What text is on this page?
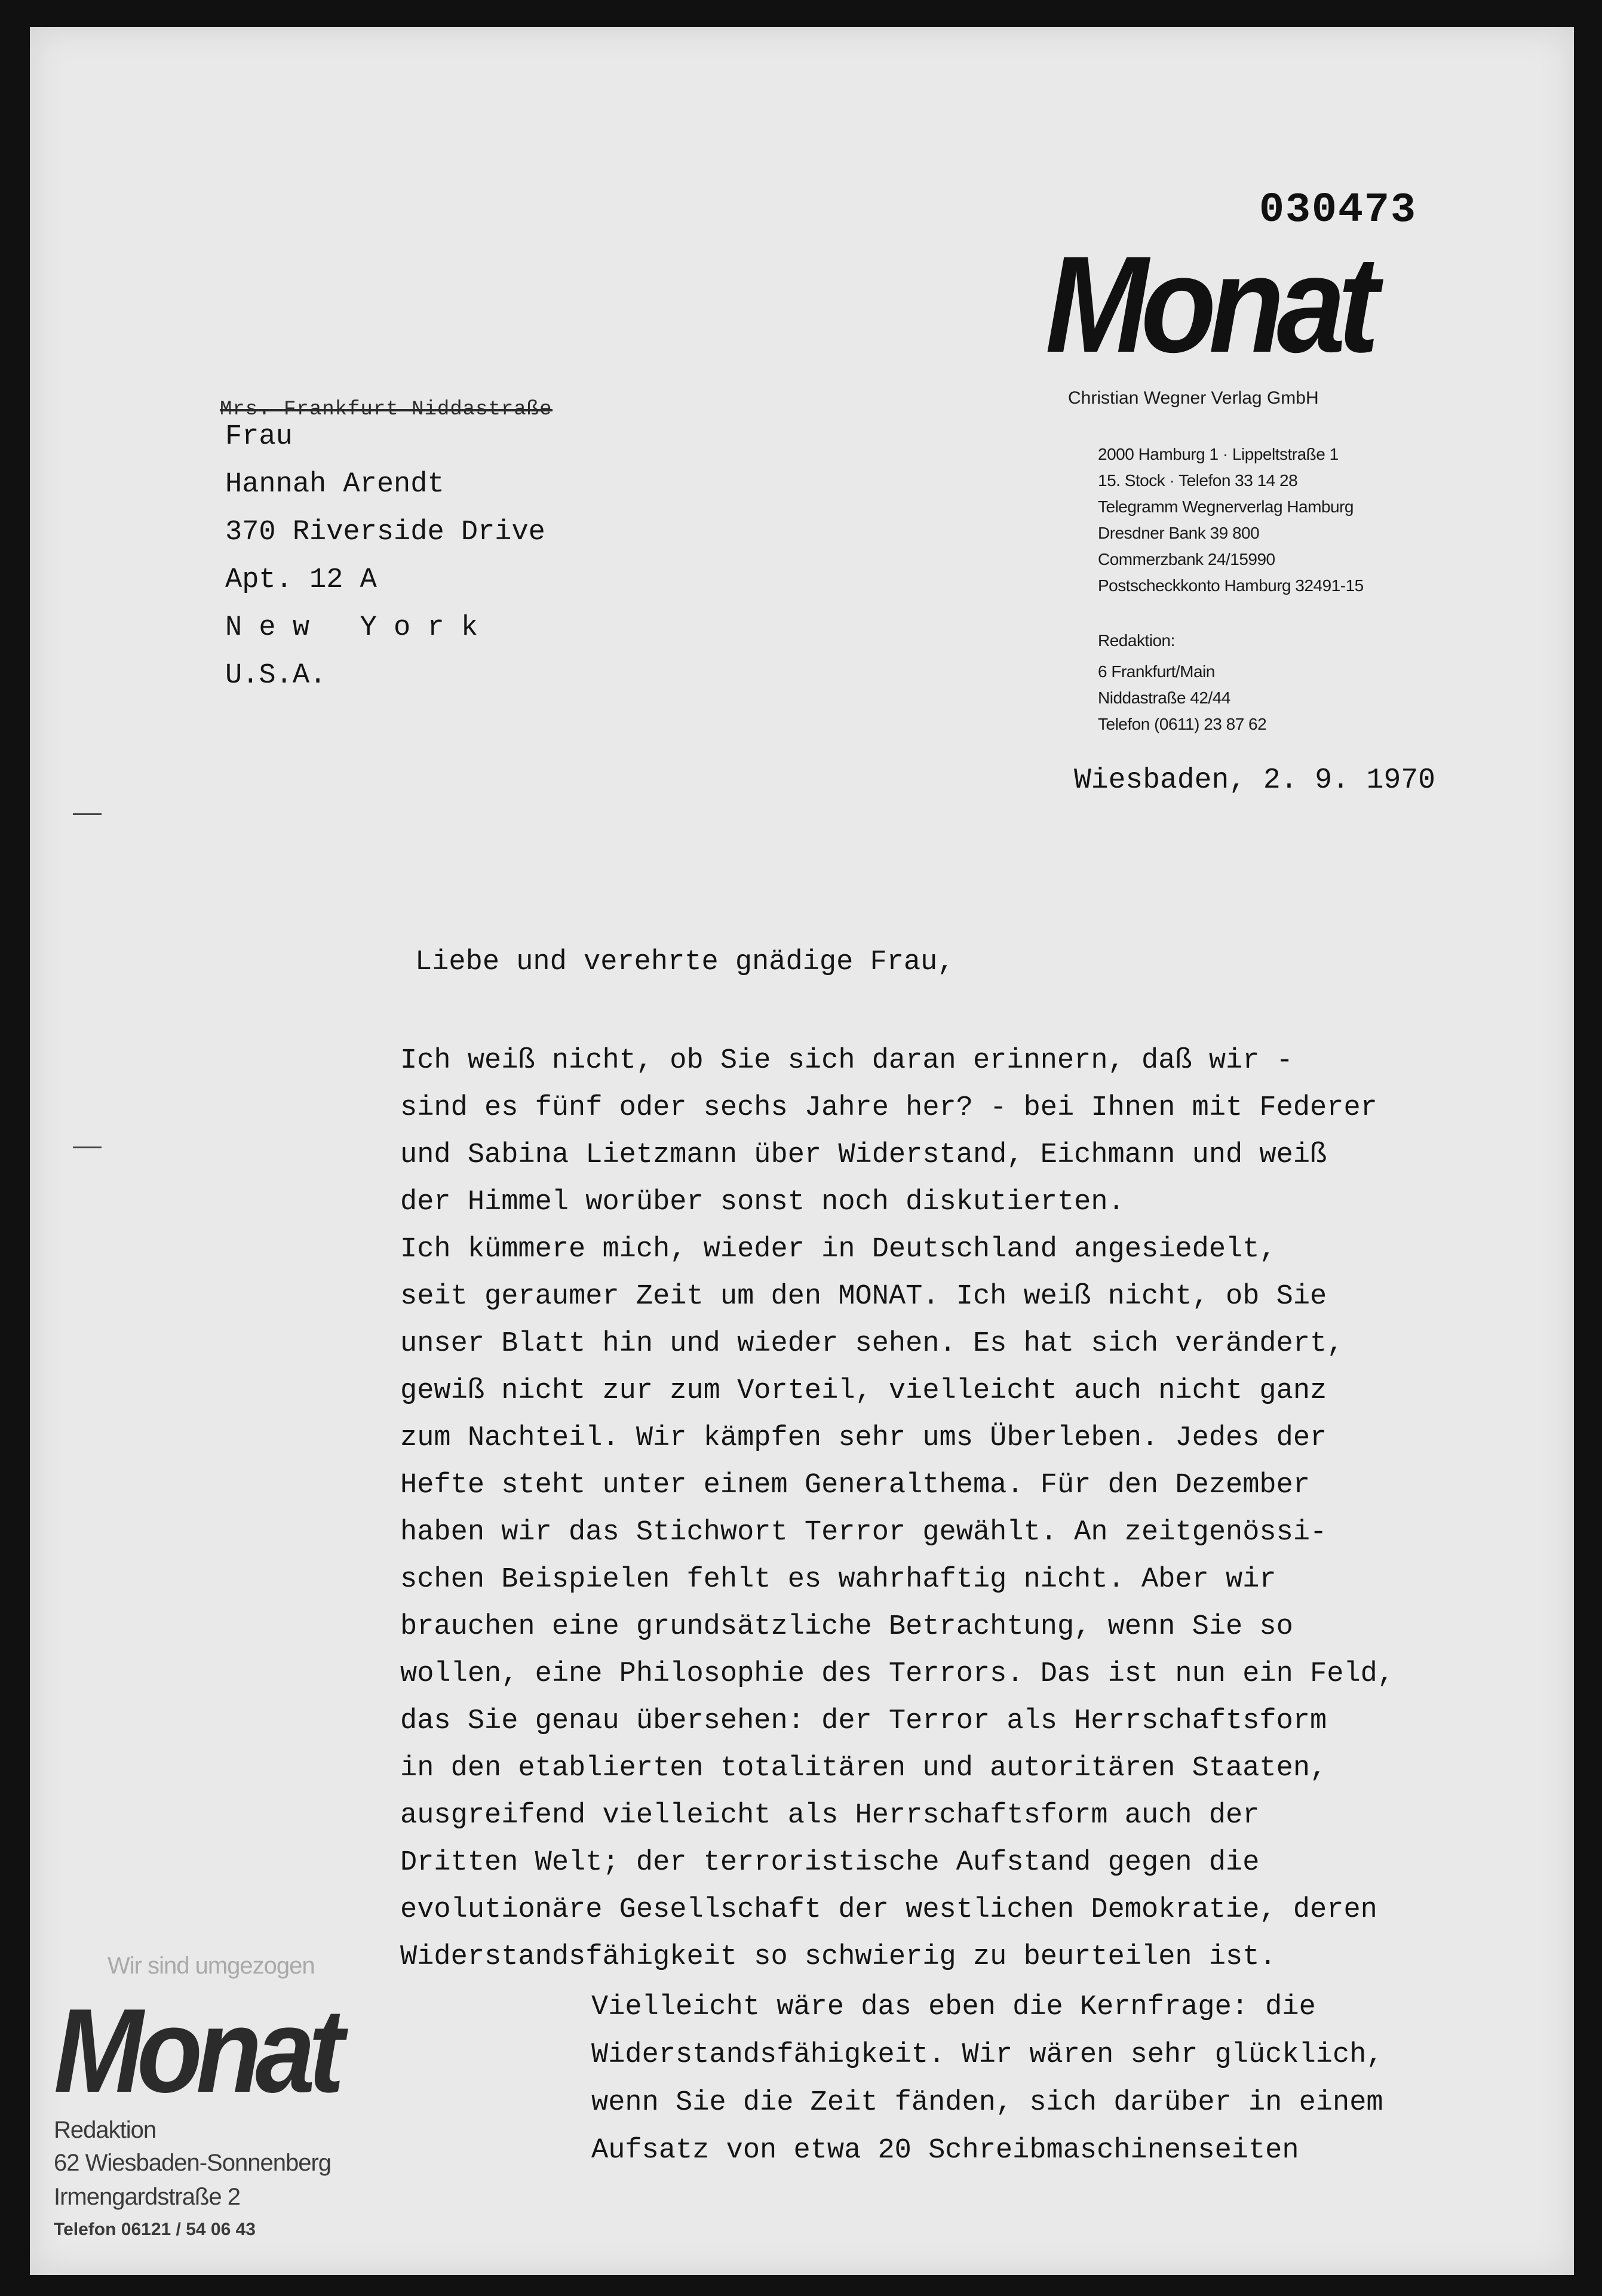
030473
Monat
Christian Wegner Verlag GmbH
2000 Hamburg 1 · Lippeltstraße 1
15. Stock · Telefon 33 14 28
Telegramm Wegnerverlag Hamburg
Dresdner Bank 39 800
Commerzbank 24/15990
Postscheckkonto Hamburg 32491-15
Redaktion:
6 Frankfurt/Main
Niddastraße 42/44
Telefon (0611) 23 87 62
Mrs. Frankfurt Niddastraße
Frau
Hannah Arendt
370 Riverside Drive
Apt. 12 A
N e w   Y o r k
U.S.A.
Wiesbaden, 2. 9. 1970
Liebe und verehrte gnädige Frau,
Ich weiß nicht, ob Sie sich daran erinnern, daß wir -
sind es fünf oder sechs Jahre her? - bei Ihnen mit Federer
und Sabina Lietzmann über Widerstand, Eichmann und weiß
der Himmel worüber sonst noch diskutierten.
Ich kümmere mich, wieder in Deutschland angesiedelt,
seit geraumer Zeit um den MONAT. Ich weiß nicht, ob Sie
unser Blatt hin und wieder sehen. Es hat sich verändert,
gewiß nicht zur zum Vorteil, vielleicht auch nicht ganz
zum Nachteil. Wir kämpfen sehr ums Überleben. Jedes der
Hefte steht unter einem Generalthema. Für den Dezember
haben wir das Stichwort Terror gewählt. An zeitgenössi-
schen Beispielen fehlt es wahrhaftig nicht. Aber wir
brauchen eine grundsätzliche Betrachtung, wenn Sie so
wollen, eine Philosophie des Terrors. Das ist nun ein Feld,
das Sie genau übersehen: der Terror als Herrschaftsform
in den etablierten totalitären und autoritären Staaten,
ausgreifend vielleicht als Herrschaftsform auch der
Dritten Welt; der terroristische Aufstand gegen die
evolutionäre Gesellschaft der westlichen Demokratie, deren
Widerstandsfähigkeit so schwierig zu beurteilen ist.
Vielleicht wäre das eben die Kernfrage: die
Widerstandsfähigkeit. Wir wären sehr glücklich,
wenn Sie die Zeit fänden, sich darüber in einem
Aufsatz von etwa 20 Schreibmaschinenseiten
Wir sind umgezogen
Monat
Redaktion
62 Wiesbaden-Sonnenberg
Irmengardstraße 2
Telefon 06121 / 54 06 43
